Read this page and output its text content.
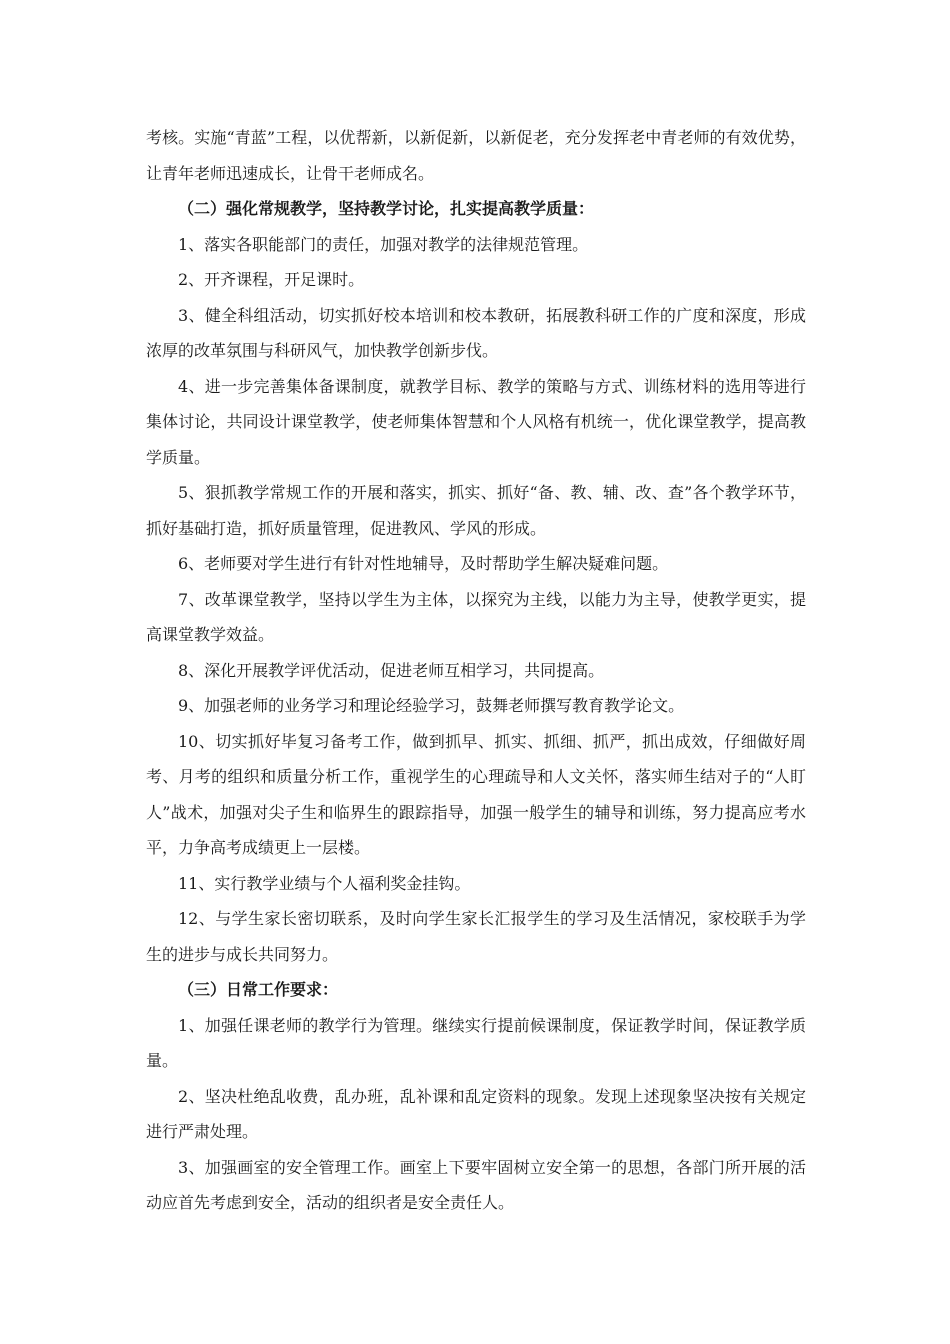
考核。实施“青蓝”工程，以优帮新，以新促新，以新促老，充分发挥老中青老师的有效优势，让青年老师迅速成长，让骨干老师成名。

（二）强化常规教学，坚持教学讨论，扎实提高教学质量：

1、落实各职能部门的责任，加强对教学的法律规范管理。

2、开齐课程，开足课时。

3、健全科组活动，切实抓好校本培训和校本教研，拓展教科研工作的广度和深度，形成浓厚的改革氛围与科研风气，加快教学创新步伐。

4、进一步完善集体备课制度，就教学目标、教学的策略与方式、训练材料的选用等进行集体讨论，共同设计课堂教学，使老师集体智慧和个人风格有机统一，优化课堂教学，提高教学质量。

5、狠抓教学常规工作的开展和落实，抓实、抓好“备、教、辅、改、查”各个教学环节，抓好基础打造，抓好质量管理，促进教风、学风的形成。

6、老师要对学生进行有针对性地辅导，及时帮助学生解决疑难问题。

7、改革课堂教学，坚持以学生为主体，以探究为主线，以能力为主导，使教学更实，提高课堂教学效益。

8、深化开展教学评优活动，促进老师互相学习，共同提高。

9、加强老师的业务学习和理论经验学习，鼓舞老师撰写教育教学论文。

10、切实抓好毕复习备考工作，做到抓早、抓实、抓细、抓严，抓出成效，仔细做好周考、月考的组织和质量分析工作，重视学生的心理疏导和人文关怀，落实师生结对子的“人盯人”战术，加强对尖子生和临界生的跟踪指导，加强一般学生的辅导和训练，努力提高应考水平，力争高考成绩更上一层楼。

11、实行教学业绩与个人福利奖金挂钩。

12、与学生家长密切联系，及时向学生家长汇报学生的学习及生活情况，家校联手为学生的进步与成长共同努力。

（三）日常工作要求：

1、加强任课老师的教学行为管理。继续实行提前候课制度，保证教学时间，保证教学质量。

2、坚决杜绝乱收费，乱办班，乱补课和乱定资料的现象。发现上述现象坚决按有关规定进行严肃处理。

3、加强画室的安全管理工作。画室上下要牢固树立安全第一的思想，各部门所开展的活动应首先考虑到安全，活动的组织者是安全责任人。
